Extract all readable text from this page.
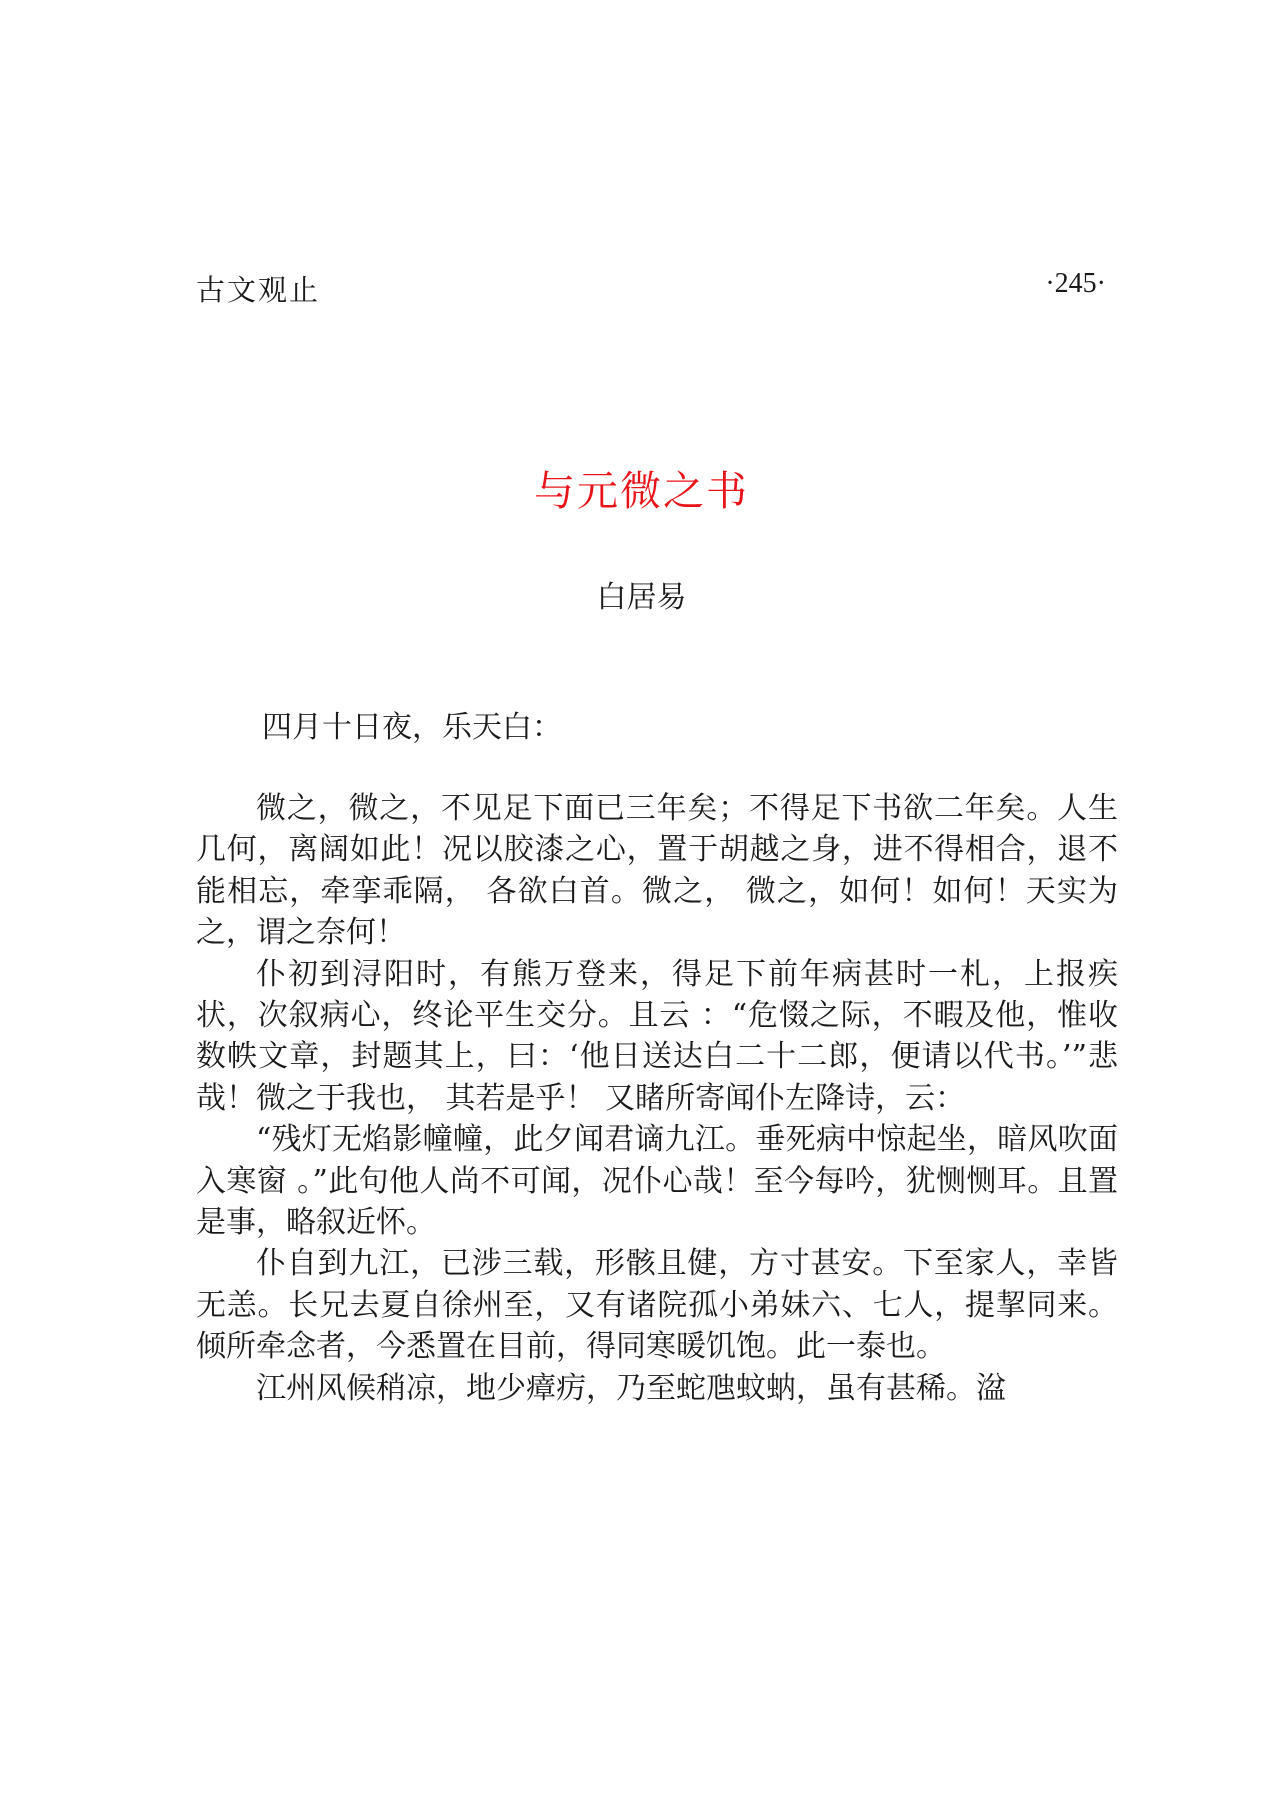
古文观止	·245·
与元微之书
白居易

四月十日夜，乐天白：

微之，微之，不见足下面已三年矣；不得足下书欲二年矣。人生几何，离阔如此！况以胶漆之心，置于胡越之身，进不得相合，退不能相忘，牵挛乖隔， 各欲白首。微之， 微之，如何！如何！天实为之，谓之奈何！

仆初到浔阳时，有熊万登来，得足下前年病甚时一札，上报疾状，次叙病心，终论平生交分。且云 ：“危惙之际，不暇及他，惟收数帙文章，封题其上，曰：‘他日送达白二十二郎，便请以代书。’”悲哉！微之于我也， 其若是乎！ 又睹所寄闻仆左降诗，云：

“残灯无焰影幢幢，此夕闻君谪九江。垂死病中惊起坐，暗风吹面入寒窗 。”此句他人尚不可闻，况仆心哉！至今每吟，犹恻恻耳。且置是事，略叙近怀。

仆自到九江，已涉三载，形骸且健，方寸甚安。下至家人，幸皆无恙。长兄去夏自徐州至，又有诸院孤小弟妹六、七人，提挈同来。倾所牵念者，今悉置在目前，得同寒暖饥饱。此一泰也。

江州风候稍凉，地少瘴疠，乃至蛇虺蚊蚋，虽有甚稀。湓
